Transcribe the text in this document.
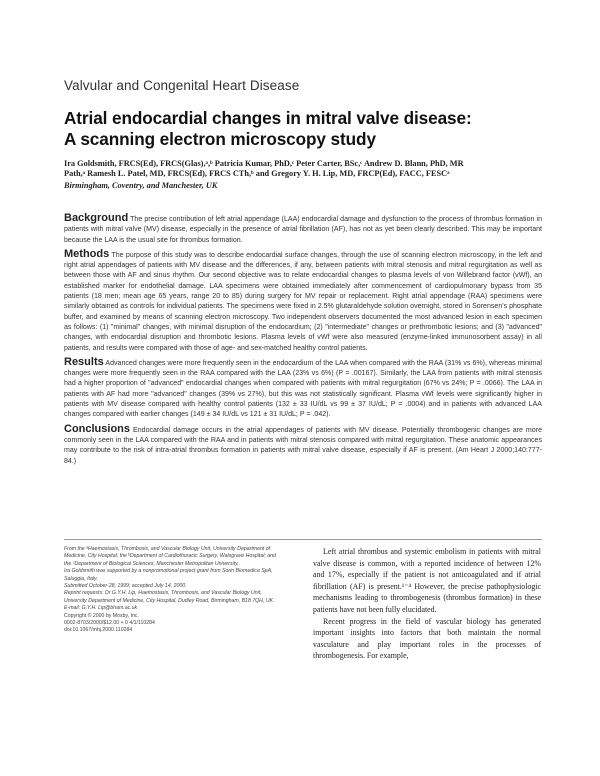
Valvular and Congenital Heart Disease
Atrial endocardial changes in mitral valve disease:
A scanning electron microscopy study
Ira Goldsmith, FRCS(Ed), FRCS(Glas),ᵃ,ᵇ Patricia Kumar, PhD,ᶜ Peter Carter, BSc,ᶜ Andrew D. Blann, PhD, MR
Path,ᵃ Ramesh L. Patel, MD, FRCS(Ed), FRCS CTh,ᵇ and Gregory Y. H. Lip, MD, FRCP(Ed), FACC, FESCᵃ
Birmingham, Coventry, and Manchester, UK

Background The precise contribution of left atrial appendage (LAA) endocardial damage and dysfunction to the process of thrombus formation in patients with mitral valve (MV) disease, especially in the presence of atrial fibrillation (AF), has not as yet been clearly described. This may be important because the LAA is the usual site for thrombus formation.

Methods The purpose of this study was to describe endocardial surface changes, through the use of scanning electron microscopy, in the left and right atrial appendages of patients with MV disease and the differences, if any, between patients with mitral stenosis and mitral regurgitation as well as between those with AF and sinus rhythm. Our second objective was to relate endocardial changes to plasma levels of von Willebrand factor (vWf), an established marker for endothelial damage. LAA specimens were obtained immediately after commencement of cardiopulmonary bypass from 35 patients (18 men; mean age 65 years, range 20 to 85) during surgery for MV repair or replacement. Right atrial appendage (RAA) specimens were similarly obtained as controls for individual patients. The specimens were fixed in 2.5% glutaraldehyde solution overnight, stored in Sorensen's phosphate buffer, and examined by means of scanning electron microscopy. Two independent observers documented the most advanced lesion in each specimen as follows: (1) "minimal" changes, with minimal disruption of the endocardium; (2) "intermediate" changes or prethrombotic lesions; and (3) "advanced" changes, with endocardial disruption and thrombotic lesions. Plasma levels of vWf were also measured (enzyme-linked immunosorbent assay) in all patients, and results were compared with those of age- and sex-matched healthy control patients.

Results Advanced changes were more frequently seen in the endocardium of the LAA when compared with the RAA (31% vs 6%), whereas minimal changes were more frequently seen in the RAA compared with the LAA (23% vs 6%) (P = .00167). Similarly, the LAA from patients with mitral stenosis had a higher proportion of "advanced" endocardial changes when compared with patients with mitral regurgitation (67% vs 24%; P = .0066). The LAA in patients with AF had more "advanced" changes (39% vs 27%), but this was not statistically significant. Plasma vWf levels were significantly higher in patients with MV disease compared with healthy control patients (132 ± 33 IU/dL vs 99 ± 37 IU/dL; P = .0004) and in patients with advanced LAA changes compared with earlier changes (149 ± 34 IU/dL vs 121 ± 31 IU/dL; P = .042).

Conclusions Endocardial damage occurs in the atrial appendages of patients with MV disease. Potentially thrombogenic changes are more commonly seen in the LAA compared with the RAA and in patients with mitral stenosis compared with mitral regurgitation. These anatomic appearances may contribute to the risk of intra-atrial thrombus formation in patients with mitral valve disease, especially if AF is present. (Am Heart J 2000;140:777-84.)

From the ᵃHaemostasis, Thrombosis, and Vascular Biology Unit, University Department of Medicine, City Hospital; the ᵇDepartment of Cardiothoracic Surgery, Walsgrave Hospital; and the ᶜDepartment of Biological Sciences, Manchester Metropolitan University.
Ira Goldsmith was supported by a nonpromotional project grant from Sorin Biomedica SpA, Saluggia, Italy.
Submitted October 28, 1999; accepted July 14, 2000.
Reprint requests: Dr G.Y.H. Lip, Haemostasis, Thrombosis, and Vascular Biology Unit, University Department of Medicine, City Hospital, Dudley Road, Birmingham, B18 7QH, UK.
E-mail: G.Y.H. Lip@bham.ac.uk
Copyright © 2000 by Mosby, Inc.
0002-8703/2000/$12.00 + 0 4/1/110284
doi:10.1067/mhj.2000.110284

Left atrial thrombus and systemic embolism in patients with mitral valve disease is common, with a reported incidence of between 12% and 17%, especially if the patient is not anticoagulated and if atrial fibrillation (AF) is present.¹⁻⁴ However, the precise pathophysiologic mechanisms leading to thrombogenesis (thrombus formation) in these patients have not been fully elucidated.

Recent progress in the field of vascular biology has generated important insights into factors that both maintain the normal vasculature and play important roles in the processes of thrombogenesis. For example,
